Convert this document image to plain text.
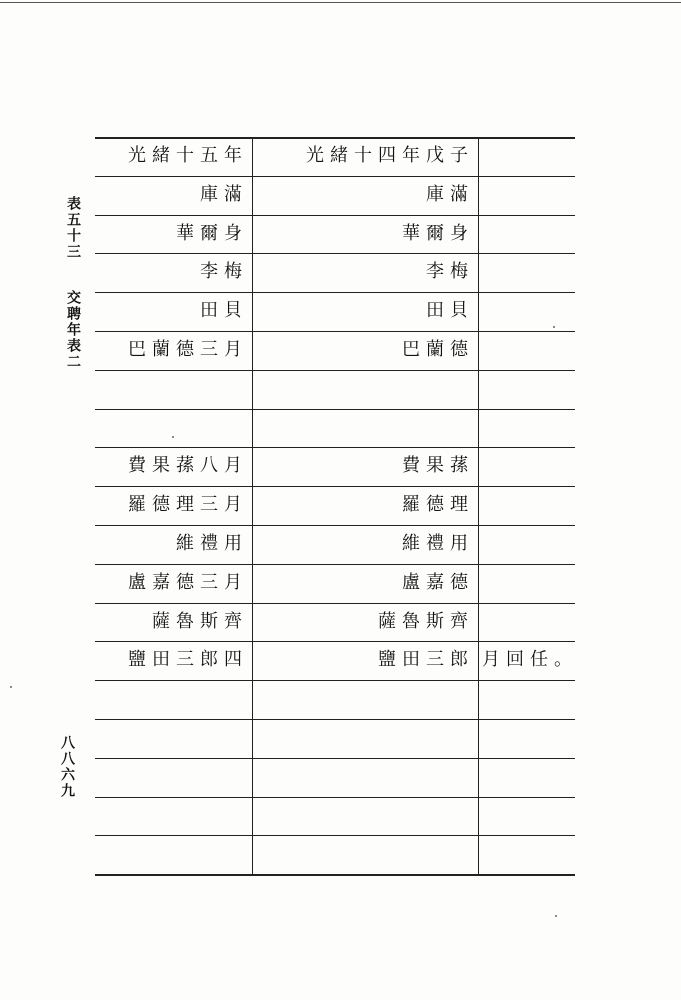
表五十三
交聘年表二
八八六九
光緒十五年	光緒十四年戊子
庫滿	庫滿
華爾身	華爾身
李梅	李梅
田貝	田貝
巴蘭德三月	巴蘭德
費果蓀八月	費果蓀
羅德理三月	羅德理
維禮用	維禮用
盧嘉德三月	盧嘉德
薩魯斯齊	薩魯斯齊
鹽田三郎四	鹽田三郎 月回任。
